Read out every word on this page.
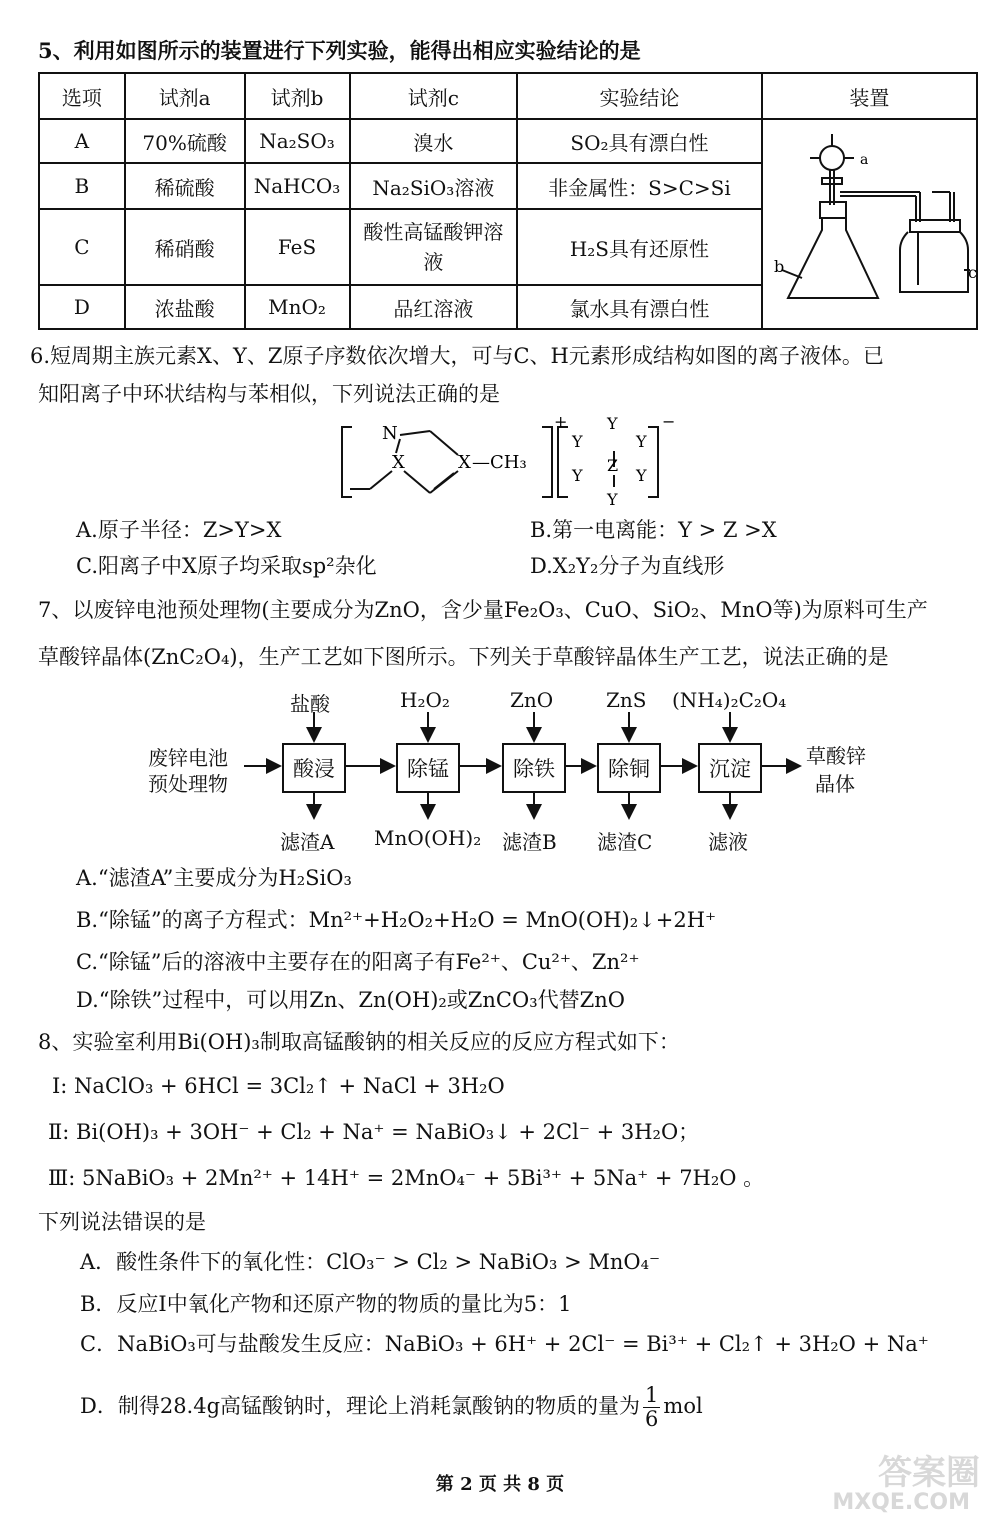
5、利用如图所示的装置进行下列实验，能得出相应实验结论的是
选项	试剂a	试剂b	试剂c	实验结论	装置
A	70%硫酸	Na₂SO₃	溴水	SO₂具有漂白性	
B	稀硫酸	NaHCO₃	Na₂SiO₃溶液	非金属性：S>C>Si	
C	稀硝酸	FeS	酸性高锰酸钾溶液	H₂S具有还原性	
D	浓盐酸	MnO₂	品红溶液	氯水具有漂白性	
a
b	c
6.短周期主族元素X、Y、Z原子序数依次增大，可与C、H元素形成结构如图的离子液体。已
知阳离子中环状结构与苯相似，下列说法正确的是
N
X	X —CH₃
+	−
Y
Y	Y
Z
Y	Y
Y
A.原子半径：Z>Y>X	B.第一电离能：Y > Z >X
C.阳离子中X原子均采取sp²杂化	D.X₂Y₂分子为直线形
7、以废锌电池预处理物(主要成分为ZnO，含少量Fe₂O₃、CuO、SiO₂、MnO等)为原料可生产
草酸锌晶体(ZnC₂O₄)，生产工艺如下图所示。下列关于草酸锌晶体生产工艺，说法正确的是
废锌电池
预处理物
酸浸	除锰	除铁	除铜	沉淀
盐酸	H₂O₂	ZnO	ZnS (NH₄)₂C₂O₄
滤渣A MnO(OH)₂ 滤渣B 滤渣C	滤液
草酸锌
晶体
A.“滤渣A”主要成分为H₂SiO₃
B.“除锰”的离子方程式：Mn²⁺+H₂O₂+H₂O = MnO(OH)₂↓+2H⁺
C.“除锰”后的溶液中主要存在的阳离子有Fe²⁺、Cu²⁺、Zn²⁺
D.“除铁”过程中，可以用Zn、Zn(OH)₂或ZnCO₃代替ZnO
8、实验室利用Bi(OH)₃制取高锰酸钠的相关反应的反应方程式如下：
Ⅰ: NaClO₃ + 6HCl = 3Cl₂↑ + NaCl + 3H₂O
Ⅱ: Bi(OH)₃ + 3OH⁻ + Cl₂ + Na⁺ = NaBiO₃↓ + 2Cl⁻ + 3H₂O；
Ⅲ: 5NaBiO₃ + 2Mn²⁺ + 14H⁺ = 2MnO₄⁻ + 5Bi³⁺ + 5Na⁺ + 7H₂O 。
下列说法错误的是
A．酸性条件下的氧化性：ClO₃⁻ > Cl₂ > NaBiO₃ > MnO₄⁻
B．反应Ⅰ中氧化产物和还原产物的物质的量比为5：1
C．NaBiO₃可与盐酸发生反应：NaBiO₃ + 6H⁺ + 2Cl⁻ = Bi³⁺ + Cl₂↑ + 3H₂O + Na⁺
D．制得28.4g高锰酸钠时，理论上消耗氯酸钠的物质的量为 $\frac{1}{6}$ mol
第 2 页 共 8 页	答案圈
MXQE.COM
